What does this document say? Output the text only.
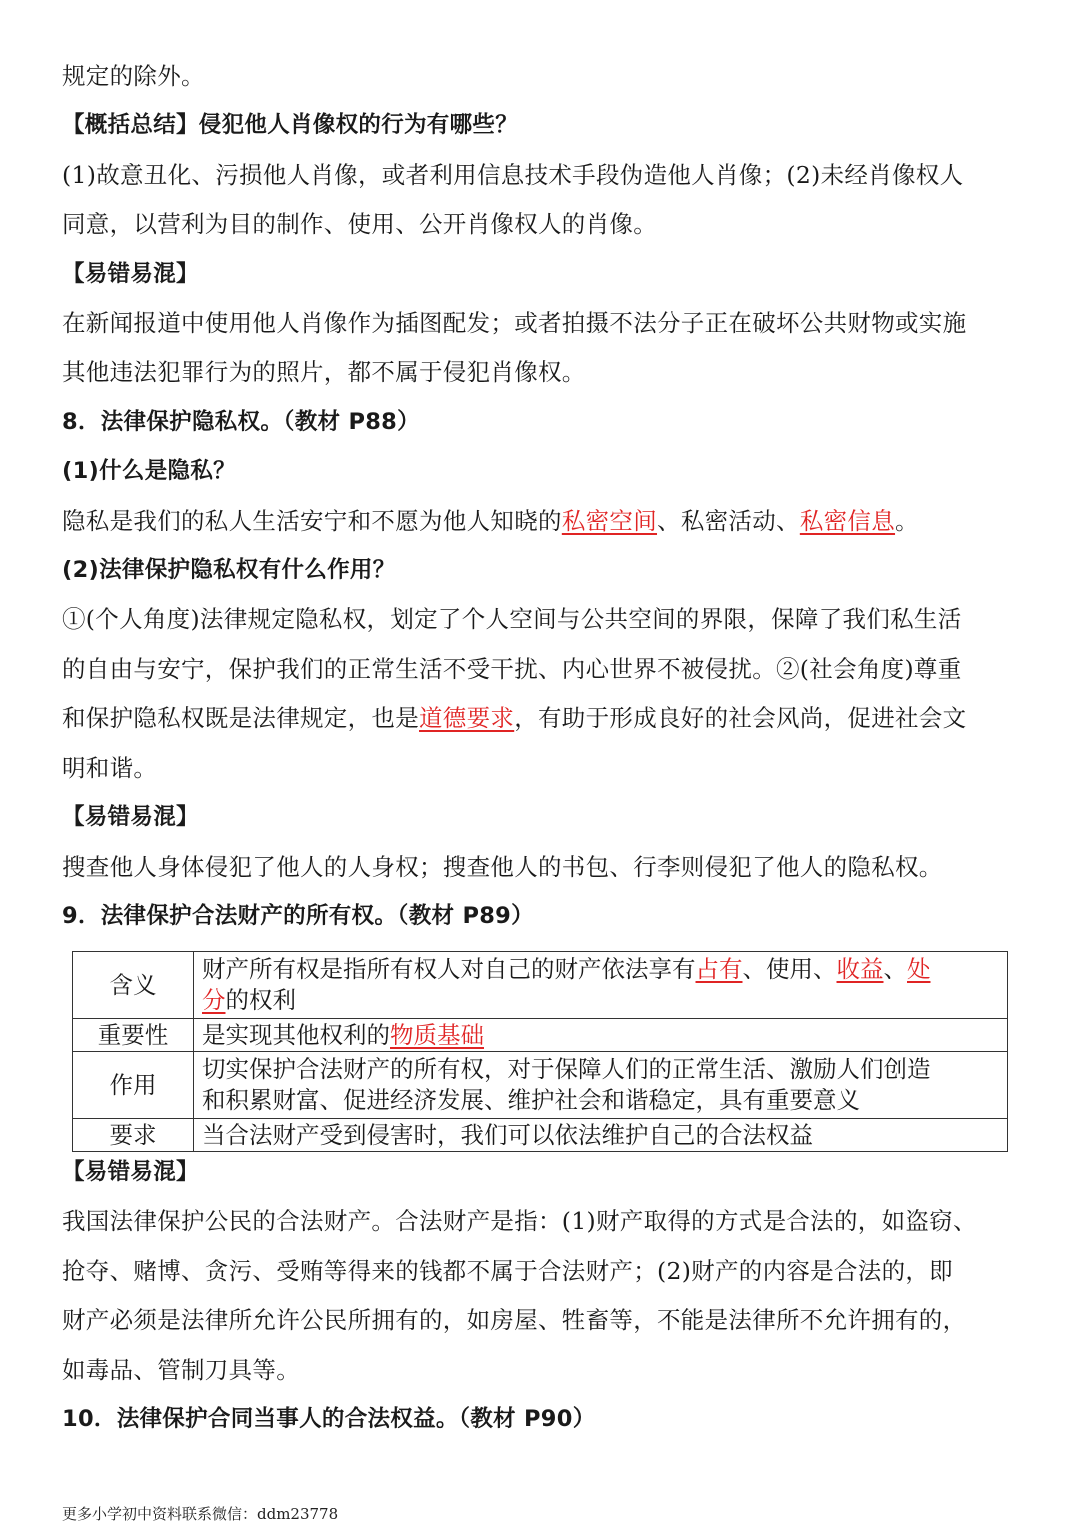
规定的除外。
【概括总结】侵犯他人肖像权的行为有哪些？
(1)故意丑化、污损他人肖像，或者利用信息技术手段伪造他人肖像；(2)未经肖像权人
同意，以营利为目的制作、使用、公开肖像权人的肖像。
【易错易混】
在新闻报道中使用他人肖像作为插图配发；或者拍摄不法分子正在破坏公共财物或实施
其他违法犯罪行为的照片，都不属于侵犯肖像权。
8．法律保护隐私权。（教材 P88）
(1)什么是隐私？
隐私是我们的私人生活安宁和不愿为他人知晓的私密空间、私密活动、私密信息。
(2)法律保护隐私权有什么作用？
①(个人角度)法律规定隐私权，划定了个人空间与公共空间的界限，保障了我们私生活
的自由与安宁，保护我们的正常生活不受干扰、内心世界不被侵扰。②(社会角度)尊重
和保护隐私权既是法律规定，也是道德要求，有助于形成良好的社会风尚，促进社会文
明和谐。
【易错易混】
搜查他人身体侵犯了他人的人身权；搜查他人的书包、行李则侵犯了他人的隐私权。
9．法律保护合法财产的所有权。（教材 P89）
含义	财产所有权是指所有权人对自己的财产依法享有占有、使用、收益、处
分的权利
重要性	是实现其他权利的物质基础
作用	切实保护合法财产的所有权，对于保障人们的正常生活、激励人们创造
和积累财富、促进经济发展、维护社会和谐稳定，具有重要意义
要求	当合法财产受到侵害时，我们可以依法维护自己的合法权益
【易错易混】
我国法律保护公民的合法财产。合法财产是指：(1)财产取得的方式是合法的，如盗窃、
抢夺、赌博、贪污、受贿等得来的钱都不属于合法财产；(2)财产的内容是合法的，即
财产必须是法律所允许公民所拥有的，如房屋、牲畜等，不能是法律所不允许拥有的，
如毒品、管制刀具等。
10．法律保护合同当事人的合法权益。（教材 P90）
更多小学初中资料联系微信：ddm23778
